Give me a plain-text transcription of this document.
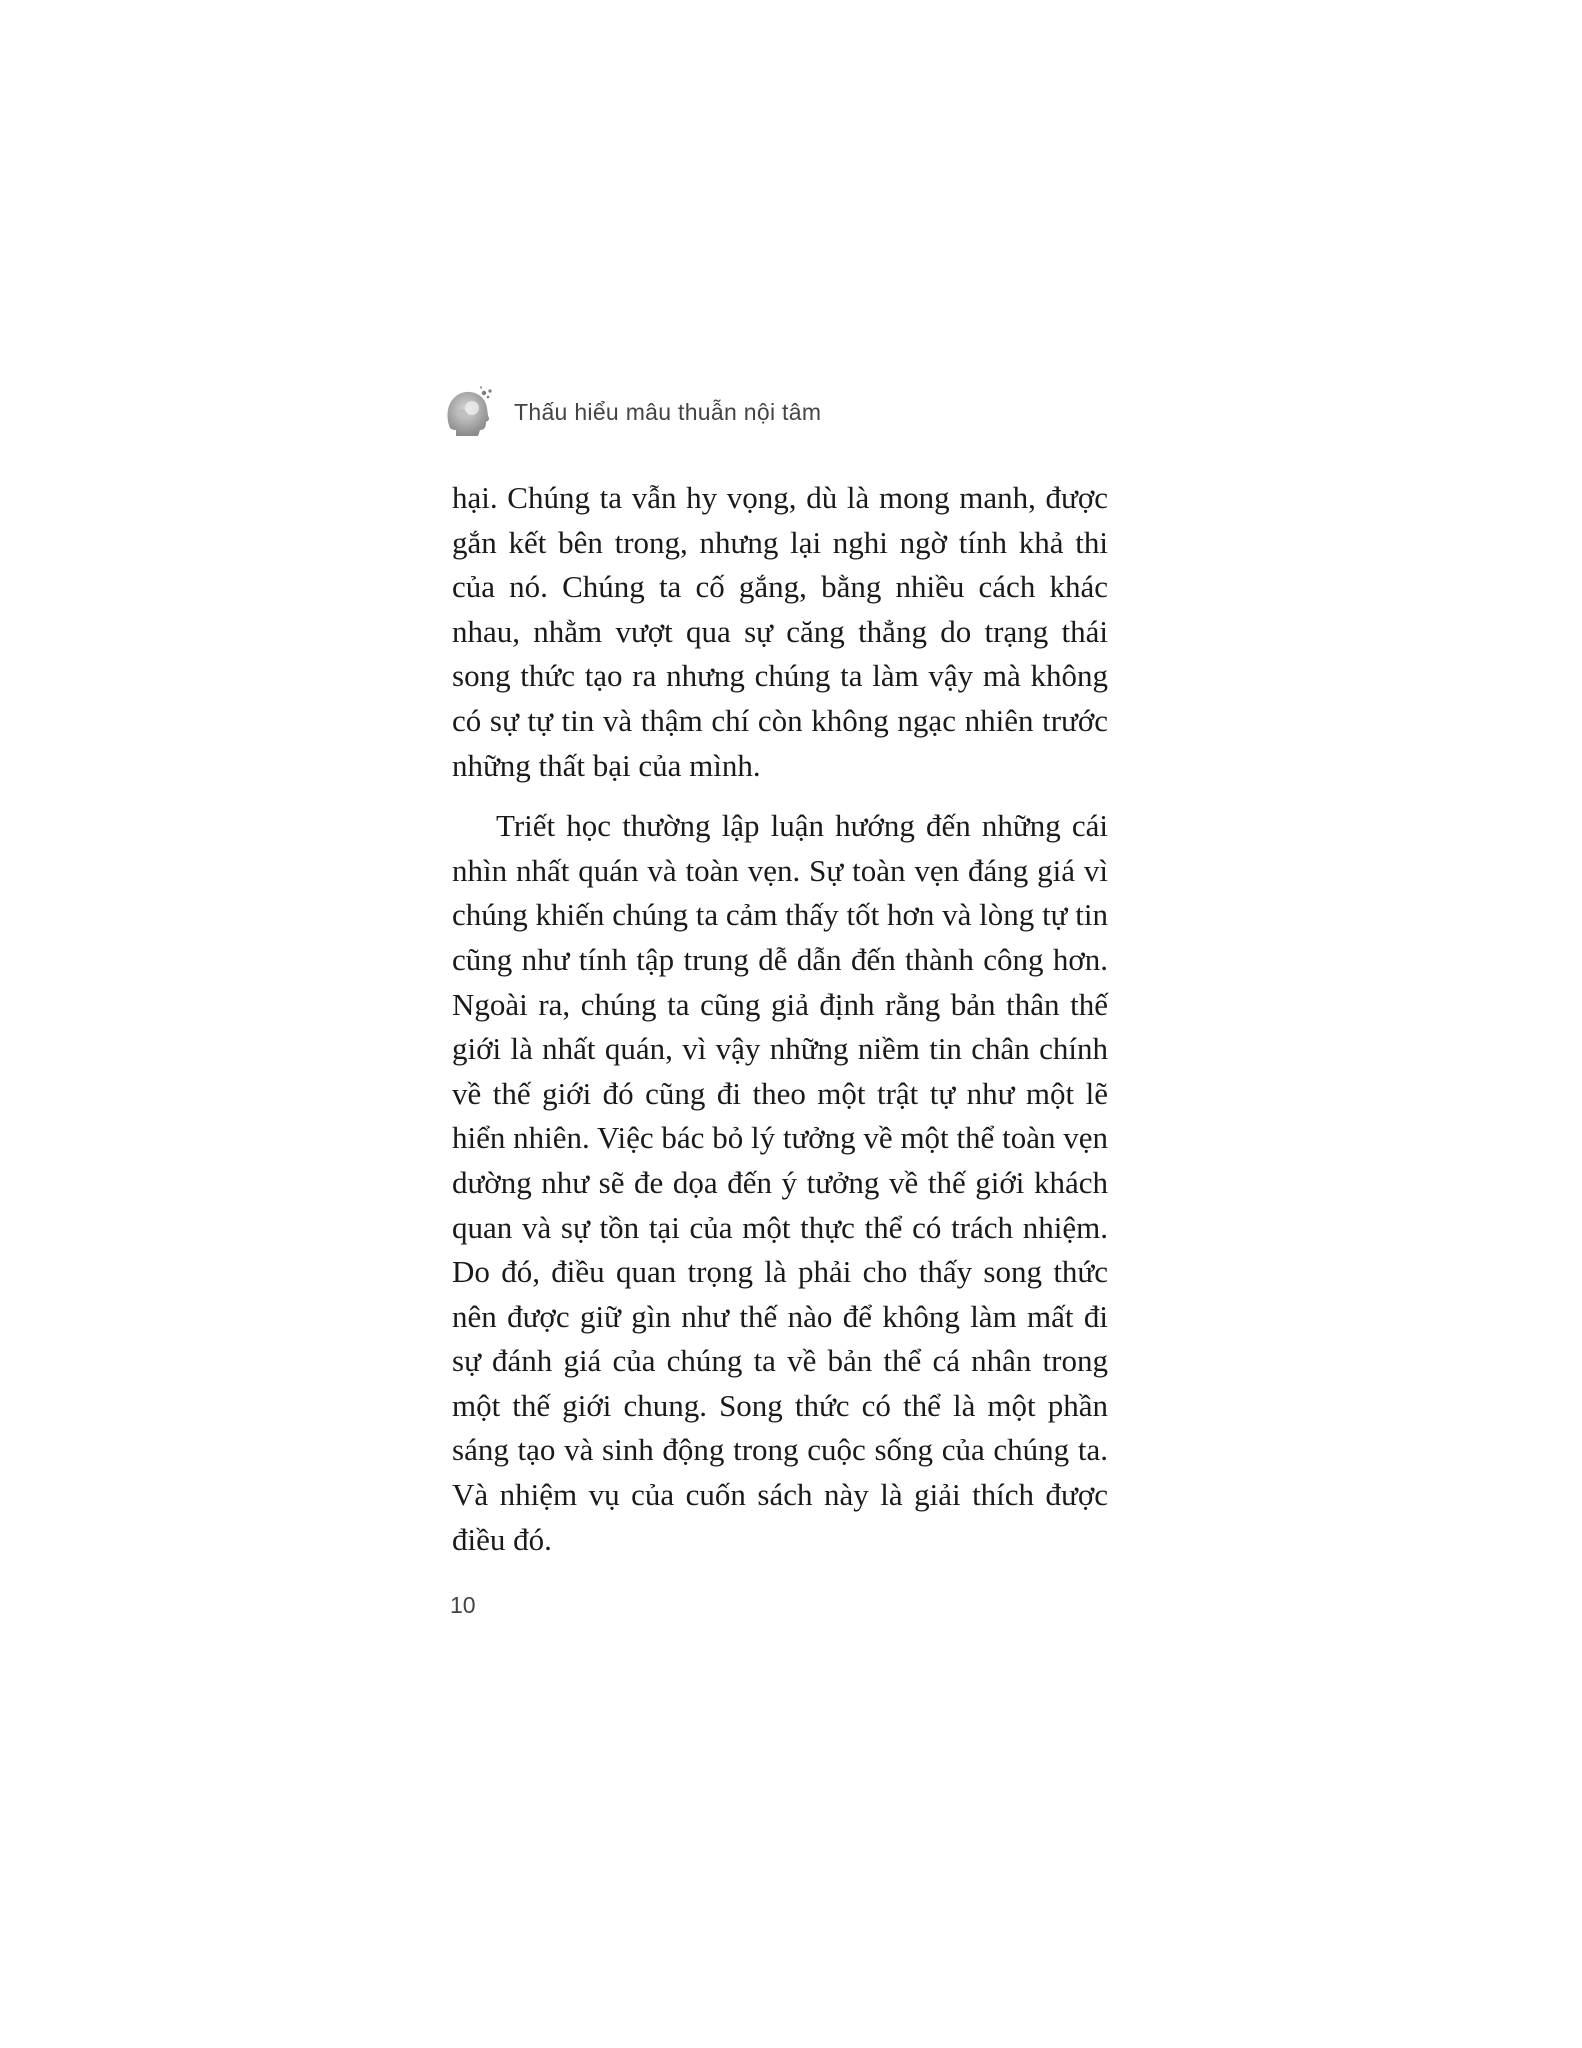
Thấu hiểu mâu thuẫn nội tâm

hại. Chúng ta vẫn hy vọng, dù là mong manh, được gắn kết bên trong, nhưng lại nghi ngờ tính khả thi của nó. Chúng ta cố gắng, bằng nhiều cách khác nhau, nhằm vượt qua sự căng thẳng do trạng thái song thức tạo ra nhưng chúng ta làm vậy mà không có sự tự tin và thậm chí còn không ngạc nhiên trước những thất bại của mình.

Triết học thường lập luận hướng đến những cái nhìn nhất quán và toàn vẹn. Sự toàn vẹn đáng giá vì chúng khiến chúng ta cảm thấy tốt hơn và lòng tự tin cũng như tính tập trung dễ dẫn đến thành công hơn. Ngoài ra, chúng ta cũng giả định rằng bản thân thế giới là nhất quán, vì vậy những niềm tin chân chính về thế giới đó cũng đi theo một trật tự như một lẽ hiển nhiên. Việc bác bỏ lý tưởng về một thể toàn vẹn dường như sẽ đe dọa đến ý tưởng về thế giới khách quan và sự tồn tại của một thực thể có trách nhiệm. Do đó, điều quan trọng là phải cho thấy song thức nên được giữ gìn như thế nào để không làm mất đi sự đánh giá của chúng ta về bản thể cá nhân trong một thế giới chung. Song thức có thể là một phần sáng tạo và sinh động trong cuộc sống của chúng ta. Và nhiệm vụ của cuốn sách này là giải thích được điều đó.

10
